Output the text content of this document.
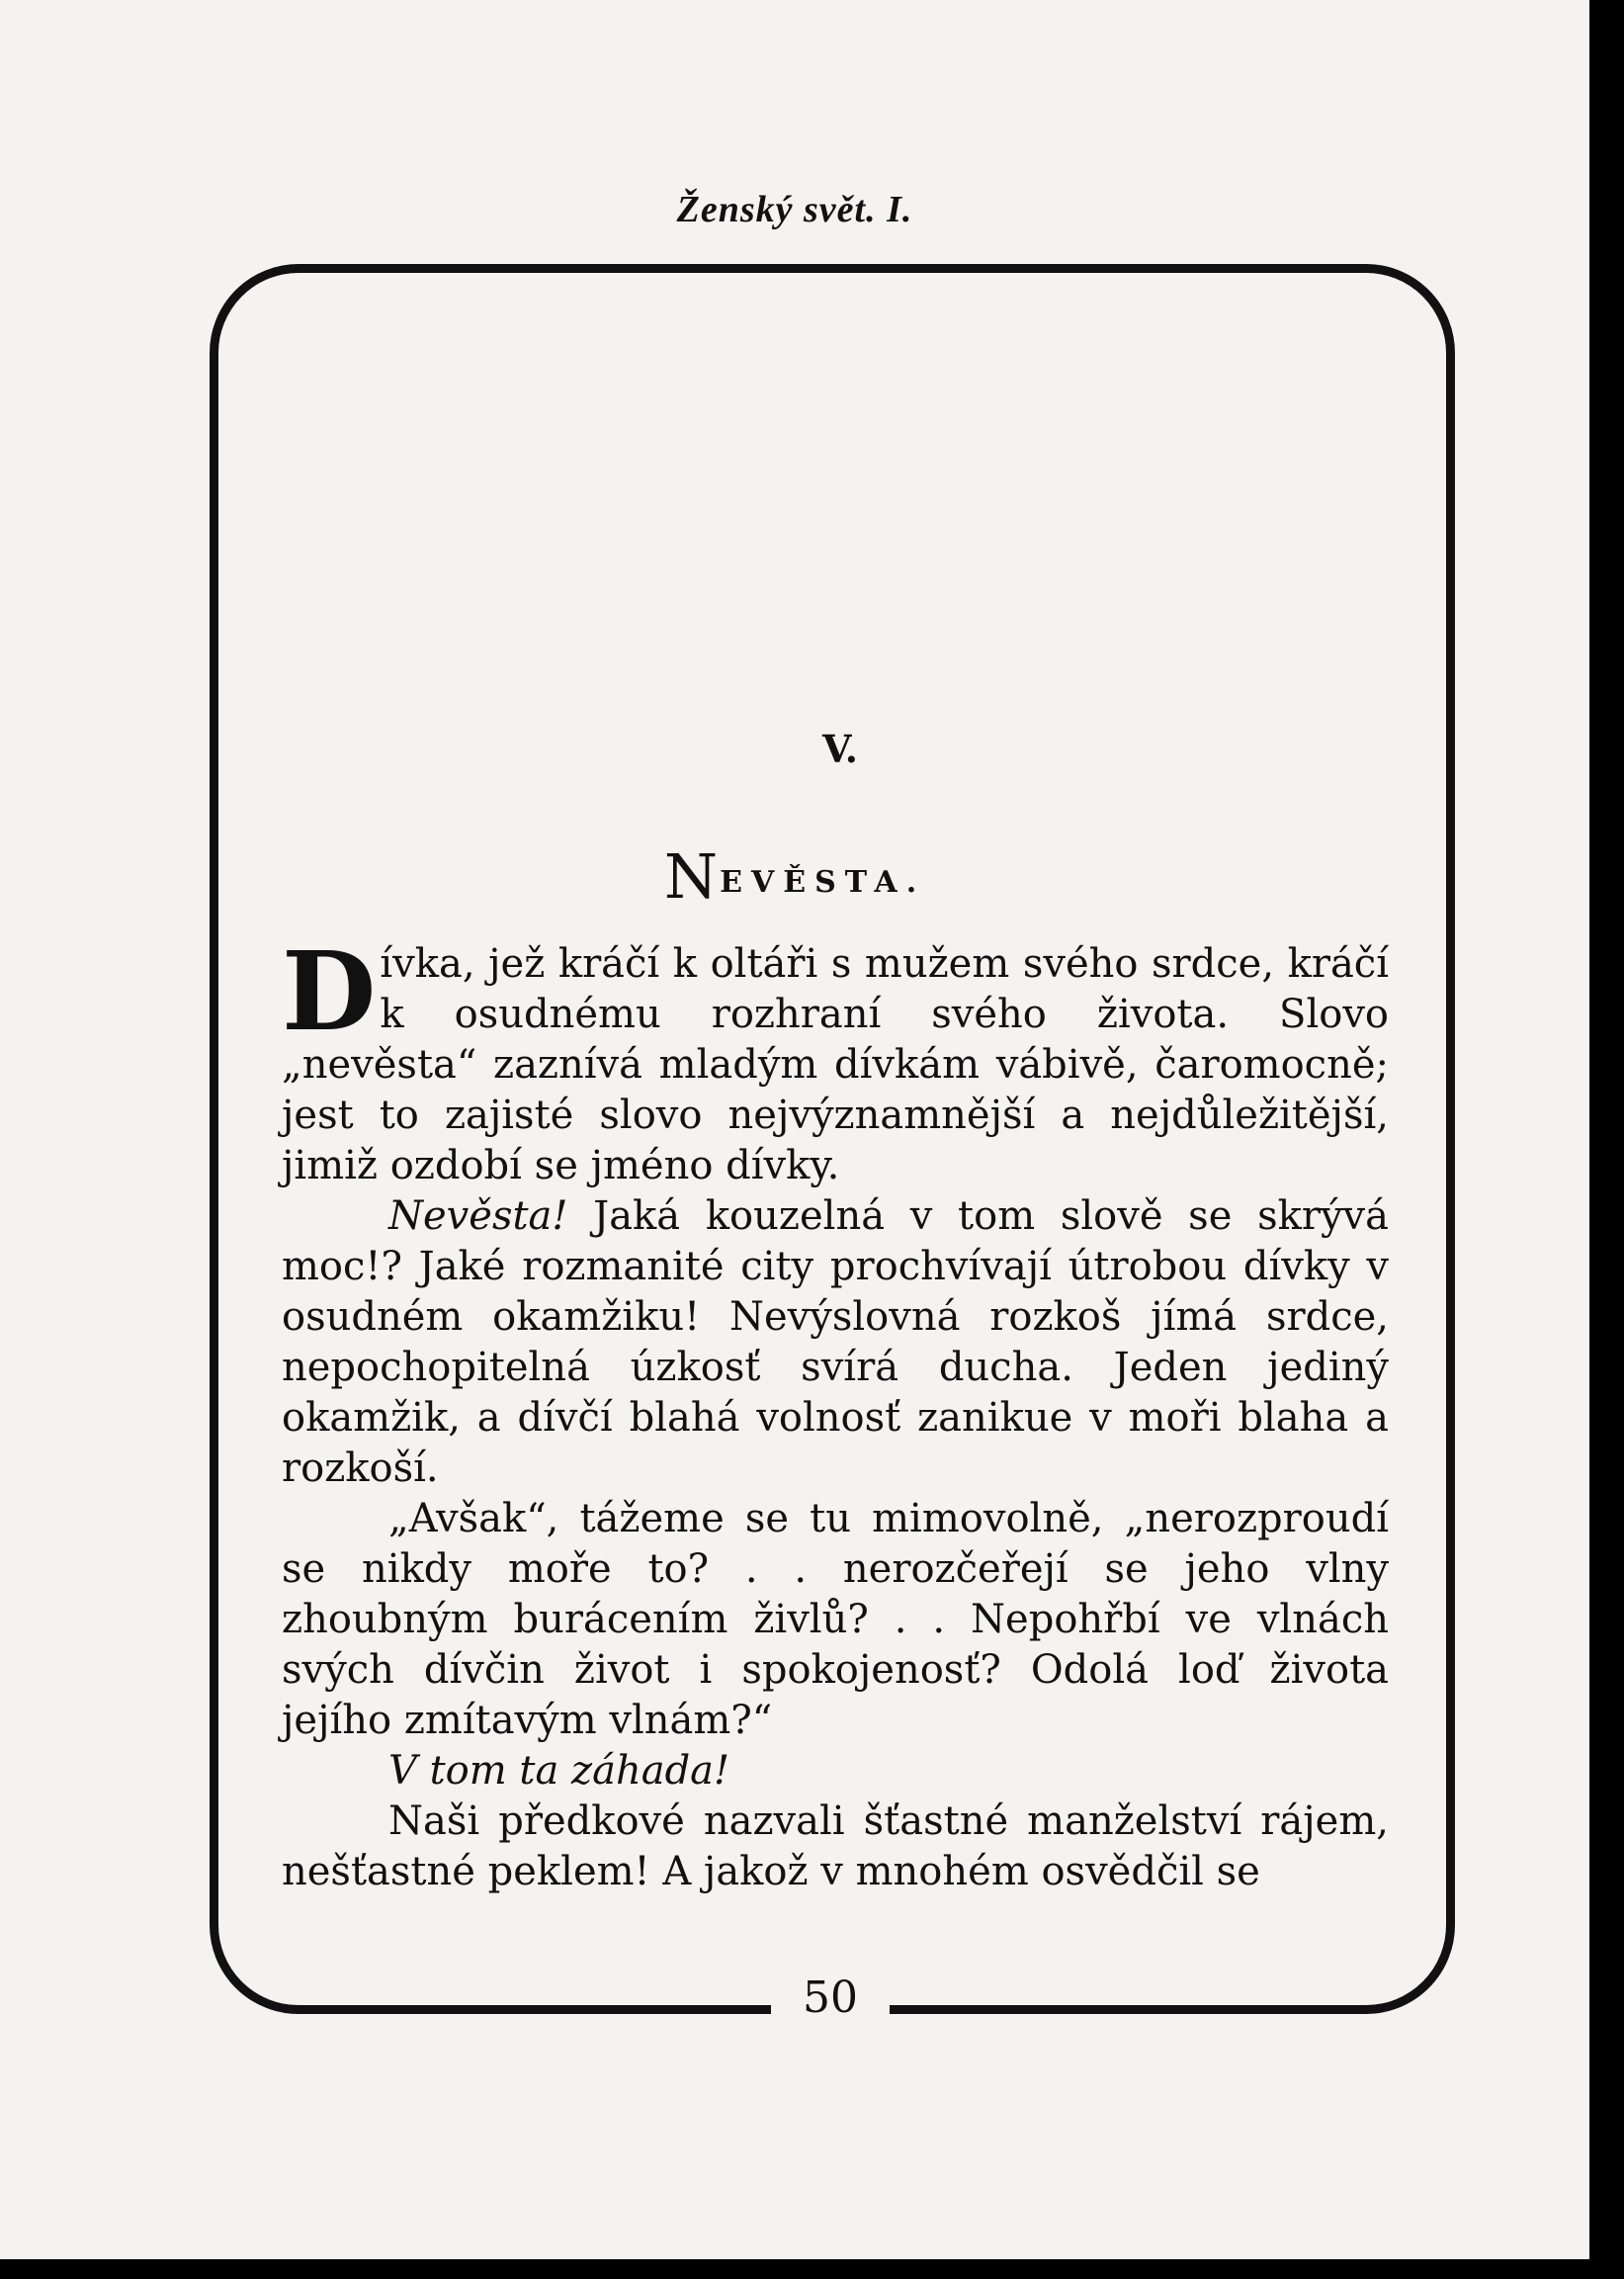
Ženský svět. I.
50
V.
NEVĚSTA.

Dívka, jež kráčí k oltáři s mužem svého srdce, kráčí k osudnému rozhraní svého života. Slovo „nevěsta“ zaznívá mladým dívkám vábivě, čaromocně; jest to zajisté slovo nejvýznamnější a nejdůležitější, jimiž ozdobí se jméno dívky.

Nevěsta! Jaká kouzelná v tom slově se skrývá moc!? Jaké rozmanité city prochvívají útrobou dívky v osudném okamžiku! Nevýslovná rozkoš jímá srdce, nepochopitelná úzkosť svírá ducha. Jeden jediný okamžik, a dívčí blahá volnosť zanikue v moři blaha a rozkoší.

„Avšak“, tážeme se tu mimovolně, „nerozproudí se nikdy moře to? . . nerozčeřejí se jeho vlny zhoubným burácením živlů? . . Nepohřbí ve vlnách svých dívčin život i spokojenosť? Odolá loď života jejího zmítavým vlnám?“

V tom ta záhada!

Naši předkové nazvali šťastné manželství rájem, nešťastné peklem! A jakož v mnohém osvědčil se
